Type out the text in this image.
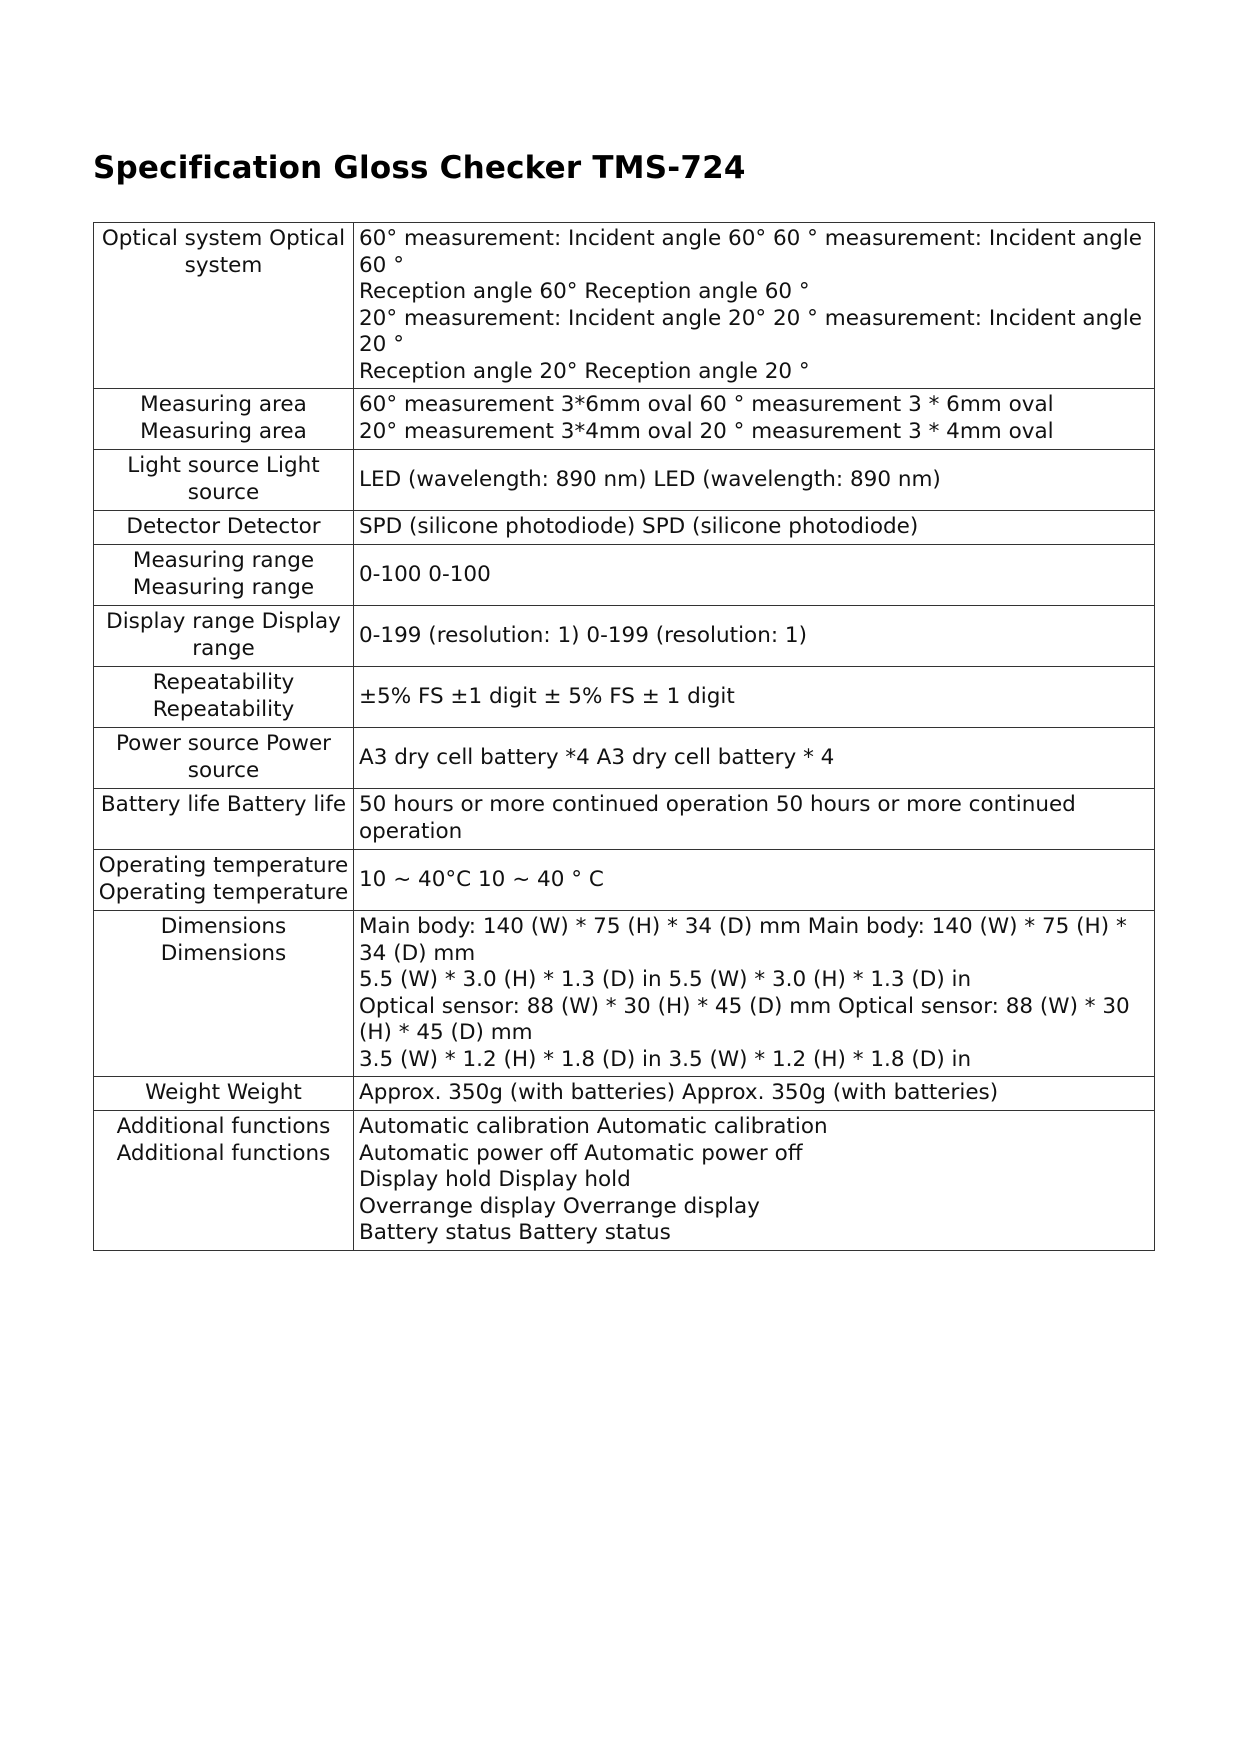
Specification Gloss Checker TMS-724
Optical system Optical system	60° measurement: Incident angle 60° 60 ° measurement: Incident angle 60 °
Reception angle 60° Reception angle 60 °
20° measurement: Incident angle 20° 20 ° measurement: Incident angle 20 °
Reception angle 20° Reception angle 20 °

Measuring area Measuring area	60° measurement 3*6mm oval 60 ° measurement 3 * 6mm oval
20° measurement 3*4mm oval 20 ° measurement 3 * 4mm oval

Light source Light source	LED (wavelength: 890 nm) LED (wavelength: 890 nm)

Detector Detector	SPD (silicone photodiode) SPD (silicone photodiode)

Measuring range Measuring range	0-100 0-100

Display range Display range	0-199 (resolution: 1) 0-199 (resolution: 1)

Repeatability Repeatability	±5% FS ±1 digit ± 5% FS ± 1 digit

Power source Power source	A3 dry cell battery *4 A3 dry cell battery * 4

Battery life Battery life	50 hours or more continued operation 50 hours or more continued operation

Operating temperature Operating temperature	10 ~ 40°C 10 ~ 40 ° C

Dimensions Dimensions	Main body: 140 (W) * 75 (H) * 34 (D) mm Main body: 140 (W) * 75 (H) * 34 (D) mm
5.5 (W) * 3.0 (H) * 1.3 (D) in 5.5 (W) * 3.0 (H) * 1.3 (D) in
Optical sensor: 88 (W) * 30 (H) * 45 (D) mm Optical sensor: 88 (W) * 30 (H) * 45 (D) mm
3.5 (W) * 1.2 (H) * 1.8 (D) in 3.5 (W) * 1.2 (H) * 1.8 (D) in

Weight Weight	Approx. 350g (with batteries) Approx. 350g (with batteries)

Additional functions Additional functions	Automatic calibration Automatic calibration
Automatic power off Automatic power off
Display hold Display hold
Overrange display Overrange display
Battery status Battery status
